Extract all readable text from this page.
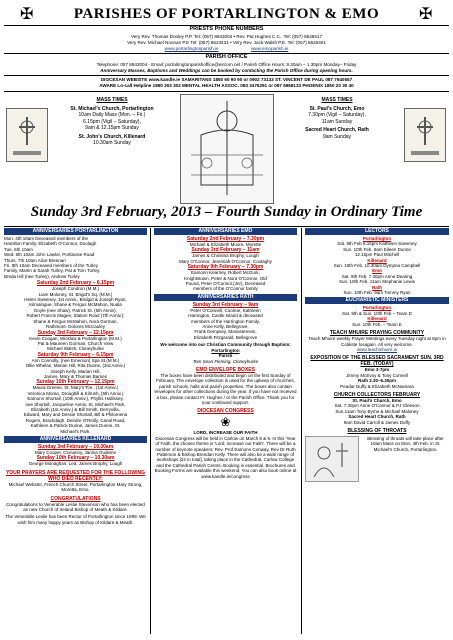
✠	✠
PARISHES OF PORTARLINGTON & EMO
PRIESTS PHONE NUMBERS
Very Rev. Thomas Dooley P.P. Tel: (057) 8643004 • Rev. Pat Hughes C.C.. Tel: (057) 8646517
Very Rev. Michael Noonan P.E Tel: (057) 8623431 • Very Rev. Jack Walsh P.E. Tel: (057) 8626401
www.portarlingtonparish.ie	www.emoparish.ie
PARISH OFFICE
Telephone: 057 8643004 - Email: portarlingtonparishoffice@eircom.net / Parish Office Hours: 9.30am – 1.30pm Monday– Friday
Anniversary Masses, Baptisms and Weddings can be booked by contacting the Parish Office during opening hours.
DIOCESAN WEBSITE www.kandle.ie SAMARITANS 1850 60 90 90 or 0902 73133 ST. VINCENT DE PAUL 087 7640557
AWARE Lo-call Helpline 1890 303 302 MENTAL HEALTH ASSOC. 083 3476291 or 087 6968133 PHOENIX 1850 20 30 40
MASS TIMES
St. Michael's Church, Portarlington
10am Daily Mass (Mon. – Fri.)
6.15pm (Vigil – Saturday),
9am & 12.15pm Sunday
St. John's Church, Killenard
10.30am Sunday
MASS TIMES
St. Paul's Church, Emo
7.30pm (Vigil – Saturday),
11am Sunday
Sacred Heart Church, Rath
9am Sunday
Sunday 3rd February, 2013 – Fourth Sunday in Ordinary Time
ANNIVERSARIES PORTARLINGTON
Mon. 4th 10am Deceased members of the
Hamilton Family, Elizabeth O'Connor, Doolagh
Tue. 5th 10am
Wed. 6th 10am John Lawlor, Portlaoise Road
Thurs. 7th 10am Alice Brennan
Fri. 8th 10am Deceased members of the Turley
Family, Martin & Sarah Turley, Pat & Tom Turley,
Breda Hill (nee Turley), Andrew Turley
Saturday 2nd February – 6.15pm
Joseph Condron (M.M.)
Liam Moloney, St. Brigid's Sq. (M.M.)
Helen Sweeney, 1st Anniv., Bridgid & Joseph Ryan,
Kilmalogue, Shane & Fergus McMahon, Nuala
Doyle (nee Shaw), Patrick St. (5th Anniv),
Robert Francis Magee, Station Road (7th Anniv.);
Shane & Fergus McMahon, Nora Gorman,
Rathmore. Dolores McCauley
Sunday 3rd February – 12.15pm
Kevin Coogan, Wicklow & Portarlington (M.M.)
Pat & Maureen Gorman, Church View
Michael Walsh, Cloneyhurke
Saturday 9th February – 6.15pm
Ann Connolly, (nee Emerson) Spa St.(M.M.)
Ollie Whelan, Marian Hill, Rita Dunne, (3rd Anniv.)
Joseph Kelly, Marian Hill,
James, Mary & Thomas Barnes
Sunday 10th February – 12.15pm
Maura Greene, St. Mary's Tce., (1st Anniv.)
Veronica Moran, Droughill & Kilrush, (5th Anniv.)
Eamonn Shortall, (10th Anniv.), Phyllis Hallissey,
nee Shortall, Jacqueline Annis, St. Michael's Park,
Elizabeth (1st Anniv.) & Bill Smith, Derryvilla,
Edward, Mary and Dessie Shortall, Bill & Philomena
Rogers, Brackdagh, Deirdre O'Reilly, Canal Road,
Kathleen & Patrick Dunne, James Dunne, St.
Michael's Park.
ANNIVERSARIES KILLENARD
Sunday 3rd February – 10.30am
Mary Cooper, Clonanny, Janina Gudiene
Sunday 10th February – 10.30am
George Monaghan, Lea, James Brophy, Lough
YOUR PRAYERS ARE REQUESTED FOR THE FOLLOWING WHO DIED RECENTLY:
Michael Webster, French Church Street, Portarlington Mary Strong, Moretta, Emo.
CONGRATULATIONS
Congratulations to Venerable Leslie Stevenson who has been elected as new Church of Ireland Bishop of Meath & Kildare.
The Venerable Leslie has been Rector of Portarlington since 1999. We wish him many happy years as Bishop of Kildare & Meath.
ANNIVERSARIES EMO
Saturday 2nd February – 7.30pm
Michael & Elizabeth Moore, Morette
Sunday 3rd February – 11am
James & Christina Brophy, Lough
Mary O'Connor, Jeremiah O'Connor, Coolaghy
Saturday 9th February – 7.30pm
Eamonn Kearney, Robert McGurk,
Knightstown, Peter & Nora O'Connor, Old
Pound, Peter O'Connor,(Jnr), Deceased
members of the O'Connor family
ANNIVERSARIES RATH
Sunday 3rd February – 9am
Peter O'Connell, Coolroe, Kathleen
Harrington, Castle Island & deceased
members of the Harrington Family,
Anne Kelly, Bellegrove,
Frank Dempsey, Monasterevin,
Elizabeth Fitzgerald, Bellegrove
We welcome into our Christian Community through Baptism:
Portarlington
Parish
Tom Sean Fleming, Cloneyhurke
EMO ENVELOPE BOXES
The boxes have been distributed and begin on the first Sunday of February. The envelope collection is used for the upkeep of churches, parish schools, halls and parish properties. The boxes also contain envelopes for other collections during the year. If you have not received a box, please contact Fr. Hughes / or the Parish Office. Thank you for your continued support.
DIOCESAN CONGRESS
❀
LORD, INCREASE OUR FAITH
Diocesan Congress will be held in Carlow on March 8 & 9. In this 'Year of Faith, the chosen theme is 'Lord, increase our Faith'. There will be a number of keynote speakers: Rev. Prof Eamonn Conway, Rev Dr Ruth Patterson & Bishop Brendan Kelly. There will also be a wide range of workshops [22 in total], taking place in the Cathedral, Carlow College and the Cathedral Parish Centre. Booking is essential. Brochures and Booking Forms are available this weekend. You can also book online at www.kandle.ie/congress
LECTORS
Portarlington
Sat. 9th Feb 6.15pm Kathleen Sweeney
Sun. 10th Feb. 9am Eileen Dunne
12.15pm Paul Mitchell
Killenard
Sun. 10th Feb. 10.30am Dympna Campbell
Emo
Sat. 9th Feb. 7.30pm Anne Dearing
Sun. 10th Feb. 11am Stephanie Lewis
Rath
Sun. 10th Feb. 9am Tommy Ryan
EUCHARISTIC MINISTERS
Portarlington
Sat. 9th & Sun. 10th Feb – Team D
Killenard
Sun. 10th Feb. – Team E
TEACH MHUIRE PRAYING COMMUNITY
Teach Mhuire weekly Prayer Meetings every Tuesday night at 8pm in Coláiste Íosagain. All very welcome.
www.teachmhuire.ie
EXPOSITION OF THE BLESSED SACRAMENT SUN. 3RD FEB. (TODAY)
Emo 3-7pm
Jimmy McEvoy & Tony Connell
Rath 2.30–6.30pm
Peadar Duffy & Elizabeth McNamara
CHURCH COLLECTORS FEBRUARY
St. Paul's Church, Emo
Sat. 7.30pm Anne O'Connor & PJ Gleeson
Sun.11am Tony Byrne & Michael Maloney
Sacred Heart Church, Rath
9am David Carroll & James Duffy
BLESSING OF THROATS
Blessing of throats will take place after 10am Mass on Mon. 4th Feb. in St. Michael's Church, Portarlington.
